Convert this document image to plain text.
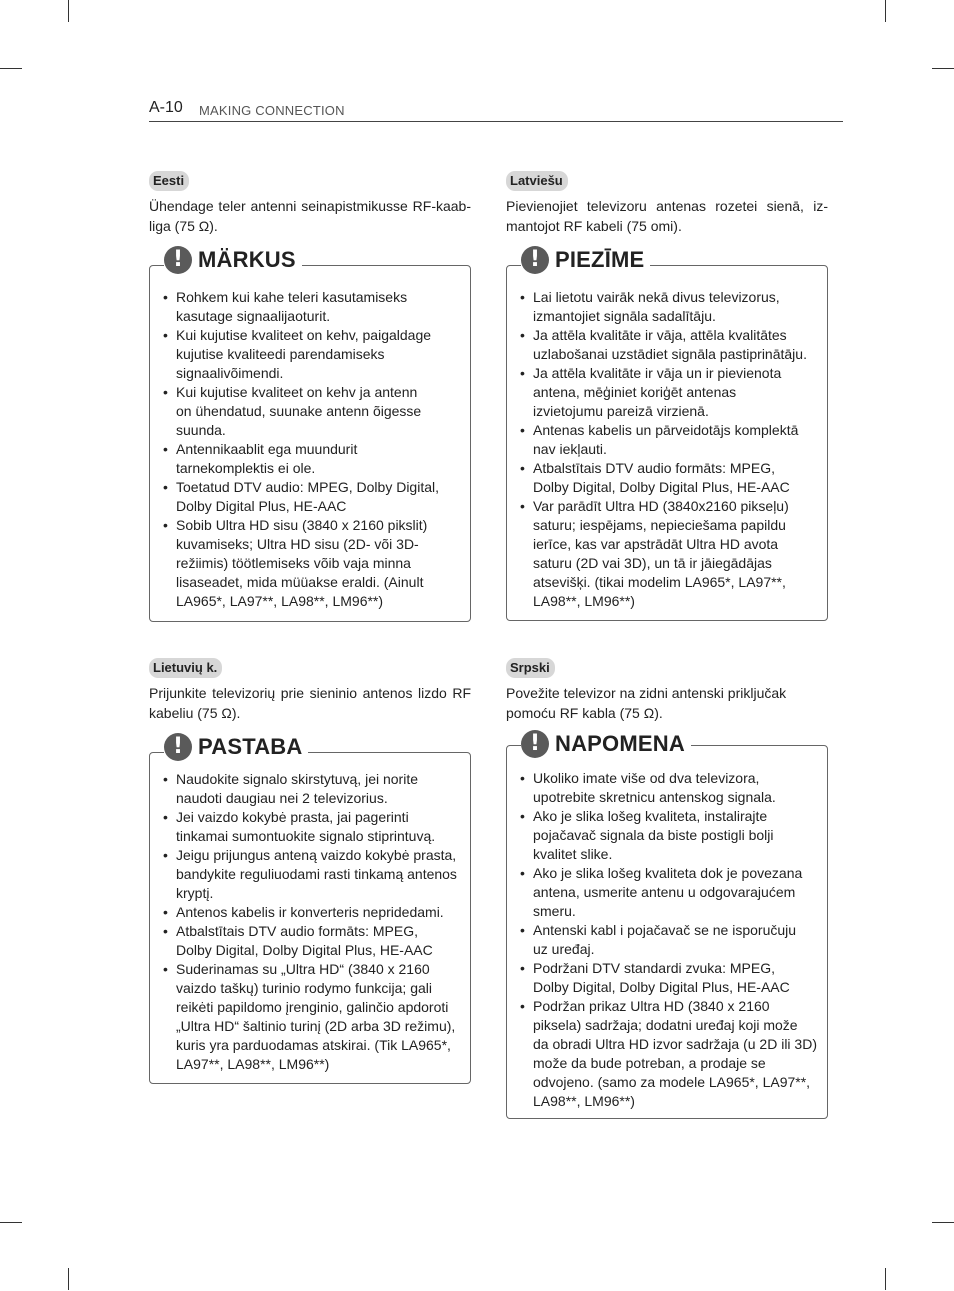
A-10 MAKING CONNECTION
Eesti
Ühendage teler antenni seinapistmikusse RF-kaab-liga (75 Ω).
! MÄRKUS
• Rohkem kui kahe teleri kasutamiseks kasutage signaalijaoturit.
• Kui kujutise kvaliteet on kehv, paigaldage kujutise kvaliteedi parendamiseks signaalivõimendi.
• Kui kujutise kvaliteet on kehv ja antenn on ühendatud, suunake antenn õigesse suunda.
• Antennikaablit ega muundurit tarnekomplektis ei ole.
• Toetatud DTV audio: MPEG, Dolby Digital, Dolby Digital Plus, HE-AAC
• Sobib Ultra HD sisu (3840 x 2160 pikslit) kuvamiseks; Ultra HD sisu (2D- või 3D-režiimis) töötlemiseks võib vaja minna lisaseadet, mida müüakse eraldi. (Ainult LA965*, LA97**, LA98**, LM96**)
Latviešu
Pievienojiet televizoru antenas rozetei sienā, iz-mantojot RF kabeli (75 omi).
! PIEZĪME
• Lai lietotu vairāk nekā divus televizorus, izmantojiet signāla sadalītāju.
• Ja attēla kvalitāte ir vāja, attēla kvalitātes uzlabošanai uzstādiet signāla pastiprinātāju.
• Ja attēla kvalitāte ir vāja un ir pievienota antena, mēģiniet koriģēt antenas izvietojumu pareizā virzienā.
• Antenas kabelis un pārveidotājs komplektā nav iekļauti.
• Atbalstītais DTV audio formāts: MPEG, Dolby Digital, Dolby Digital Plus, HE-AAC
• Var parādīt Ultra HD (3840x2160 pikseļu) saturu; iespējams, nepieciešama papildu ierīce, kas var apstrādāt Ultra HD avota saturu (2D vai 3D), un tā ir jāiegādājas atsevišķi. (tikai modelim LA965*, LA97**, LA98**, LM96**)
Lietuvių k.
Prijunkite televizorių prie sieninio antenos lizdo RF kabeliu (75 Ω).
! PASTABA
• Naudokite signalo skirstytuvą, jei norite naudoti daugiau nei 2 televizorius.
• Jei vaizdo kokybė prasta, jai pagerinti tinkamai sumontuokite signalo stiprintuvą.
• Jeigu prijungus anteną vaizdo kokybė prasta, bandykite reguliuodami rasti tinkamą antenos kryptį.
• Antenos kabelis ir konverteris nepridedami.
• Atbalstītais DTV audio formāts: MPEG, Dolby Digital, Dolby Digital Plus, HE-AAC
• Suderinamas su „Ultra HD“ (3840 x 2160 vaizdo taškų) turinio rodymo funkcija; gali reikėti papildomo įrenginio, galinčio apdoroti „Ultra HD“ šaltinio turinį (2D arba 3D režimu), kuris yra parduodamas atskirai. (Tik LA965*, LA97**, LA98**, LM96**)
Srpski
Povežite televizor na zidni antenski priključak pomoću RF kabla (75 Ω).
! NAPOMENA
• Ukoliko imate više od dva televizora, upotrebite skretnicu antenskog signala.
• Ako je slika lošeg kvaliteta, instalirajte pojačavač signala da biste postigli bolji kvalitet slike.
• Ako je slika lošeg kvaliteta dok je povezana antena, usmerite antenu u odgovarajućem smeru.
• Antenski kabl i pojačavač se ne isporučuju uz uređaj.
• Podržani DTV standardi zvuka: MPEG, Dolby Digital, Dolby Digital Plus, HE-AAC
• Podržan prikaz Ultra HD (3840 x 2160 piksela) sadržaja; dodatni uređaj koji može da obradi Ultra HD izvor sadržaja (u 2D ili 3D) može da bude potreban, a prodaje se odvojeno. (samo za modele LA965*, LA97**, LA98**, LM96**)
